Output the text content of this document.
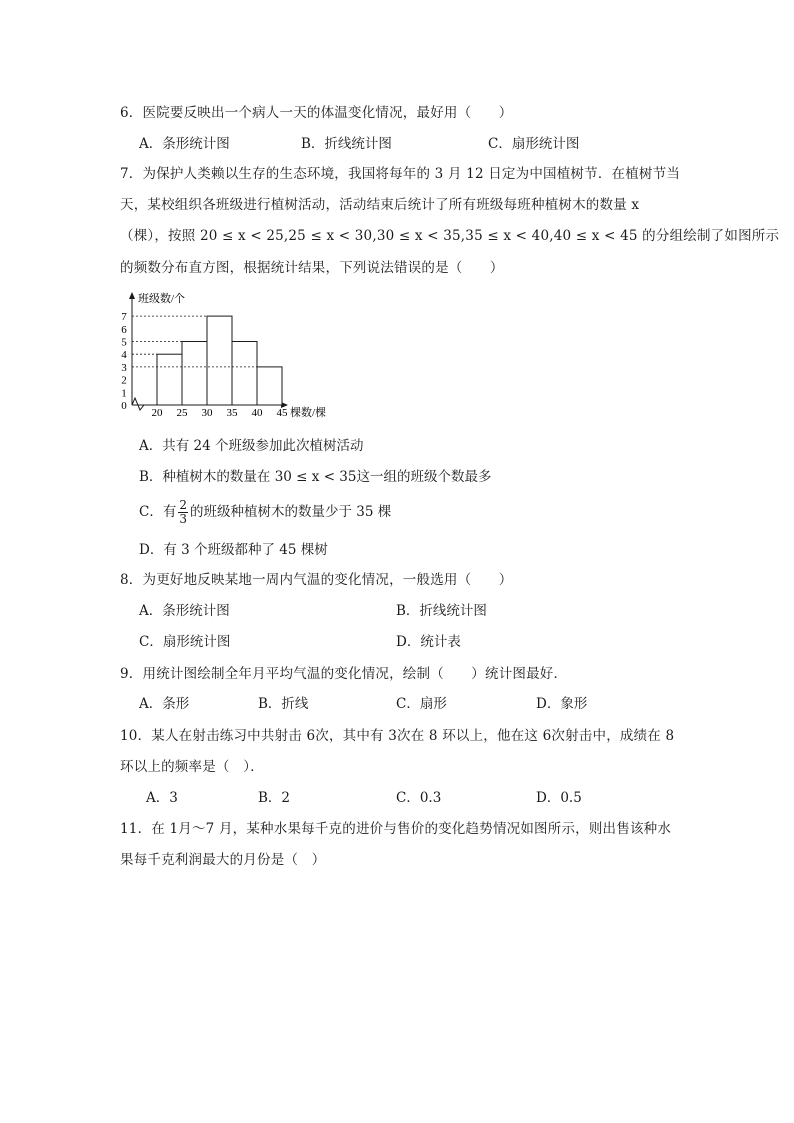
6．医院要反映出一个病人一天的体温变化情况，最好用（　　）
A．条形统计图	B．折线统计图	C．扇形统计图
7．为保护人类赖以生存的生态环境，我国将每年的 3 月 12 日定为中国植树节．在植树节当
天，某校组织各班级进行植树活动，活动结束后统计了所有班级每班种植树木的数量 x
（棵），按照 20 ≤ x < 25,25 ≤ x < 30,30 ≤ x < 35,35 ≤ x < 40,40 ≤ x < 45 的分组绘制了如图所示
的频数分布直方图，根据统计结果，下列说法错误的是（　　）
班级数/个
棵数/棵
7
6
5
4
3
2
1
0
20 25 30 35 40 45
A．共有 24 个班级参加此次植树活动
B．种植树木的数量在 30 ≤ x < 35这一组的班级个数最多
C．有 $\frac{2}{3}$ 的班级种植树木的数量少于 35 棵
D．有 3 个班级都种了 45 棵树
8．为更好地反映某地一周内气温的变化情况，一般选用（　　）
A．条形统计图	B．折线统计图
C．扇形统计图	D．统计表
9．用统计图绘制全年月平均气温的变化情况，绘制（　　）统计图最好．
A．条形	B．折线	C．扇形	D．象形
10．某人在射击练习中共射击 6次，其中有 3次在 8 环以上，他在这 6次射击中，成绩在 8
环以上的频率是（　）．
A．3	B．2	C．0.3	D．0.5
11．在 1月～7 月，某种水果每千克的进价与售价的变化趋势情况如图所示，则出售该种水
果每千克利润最大的月份是（　）
